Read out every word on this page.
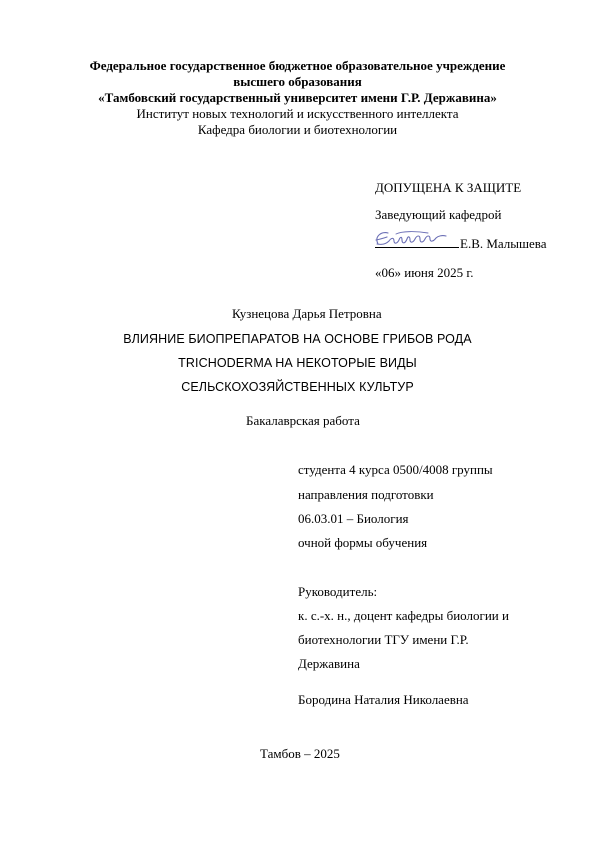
Федеральное государственное бюджетное образовательное учреждение
высшего образования
«Тамбовский государственный университет имени Г.Р. Державина»
Институт новых технологий и искусственного интеллекта
Кафедра биологии и биотехнологии
ДОПУЩЕНА К ЗАЩИТЕ
Заведующий кафедрой
Е.В. Малышева
«06» июня 2025 г.
Кузнецова Дарья Петровна
ВЛИЯНИЕ БИОПРЕПАРАТОВ НА ОСНОВЕ ГРИБОВ РОДА
TRICHODERMA НА НЕКОТОРЫЕ ВИДЫ
СЕЛЬСКОХОЗЯЙСТВЕННЫХ КУЛЬТУР
Бакалаврская работа
студента 4 курса 0500/4008 группы
направления подготовки
06.03.01 – Биология
очной формы обучения
Руководитель:
к. с.-х. н., доцент кафедры биологии и
биотехнологии ТГУ имени Г.Р.
Державина
Бородина Наталия Николаевна
Тамбов – 2025
